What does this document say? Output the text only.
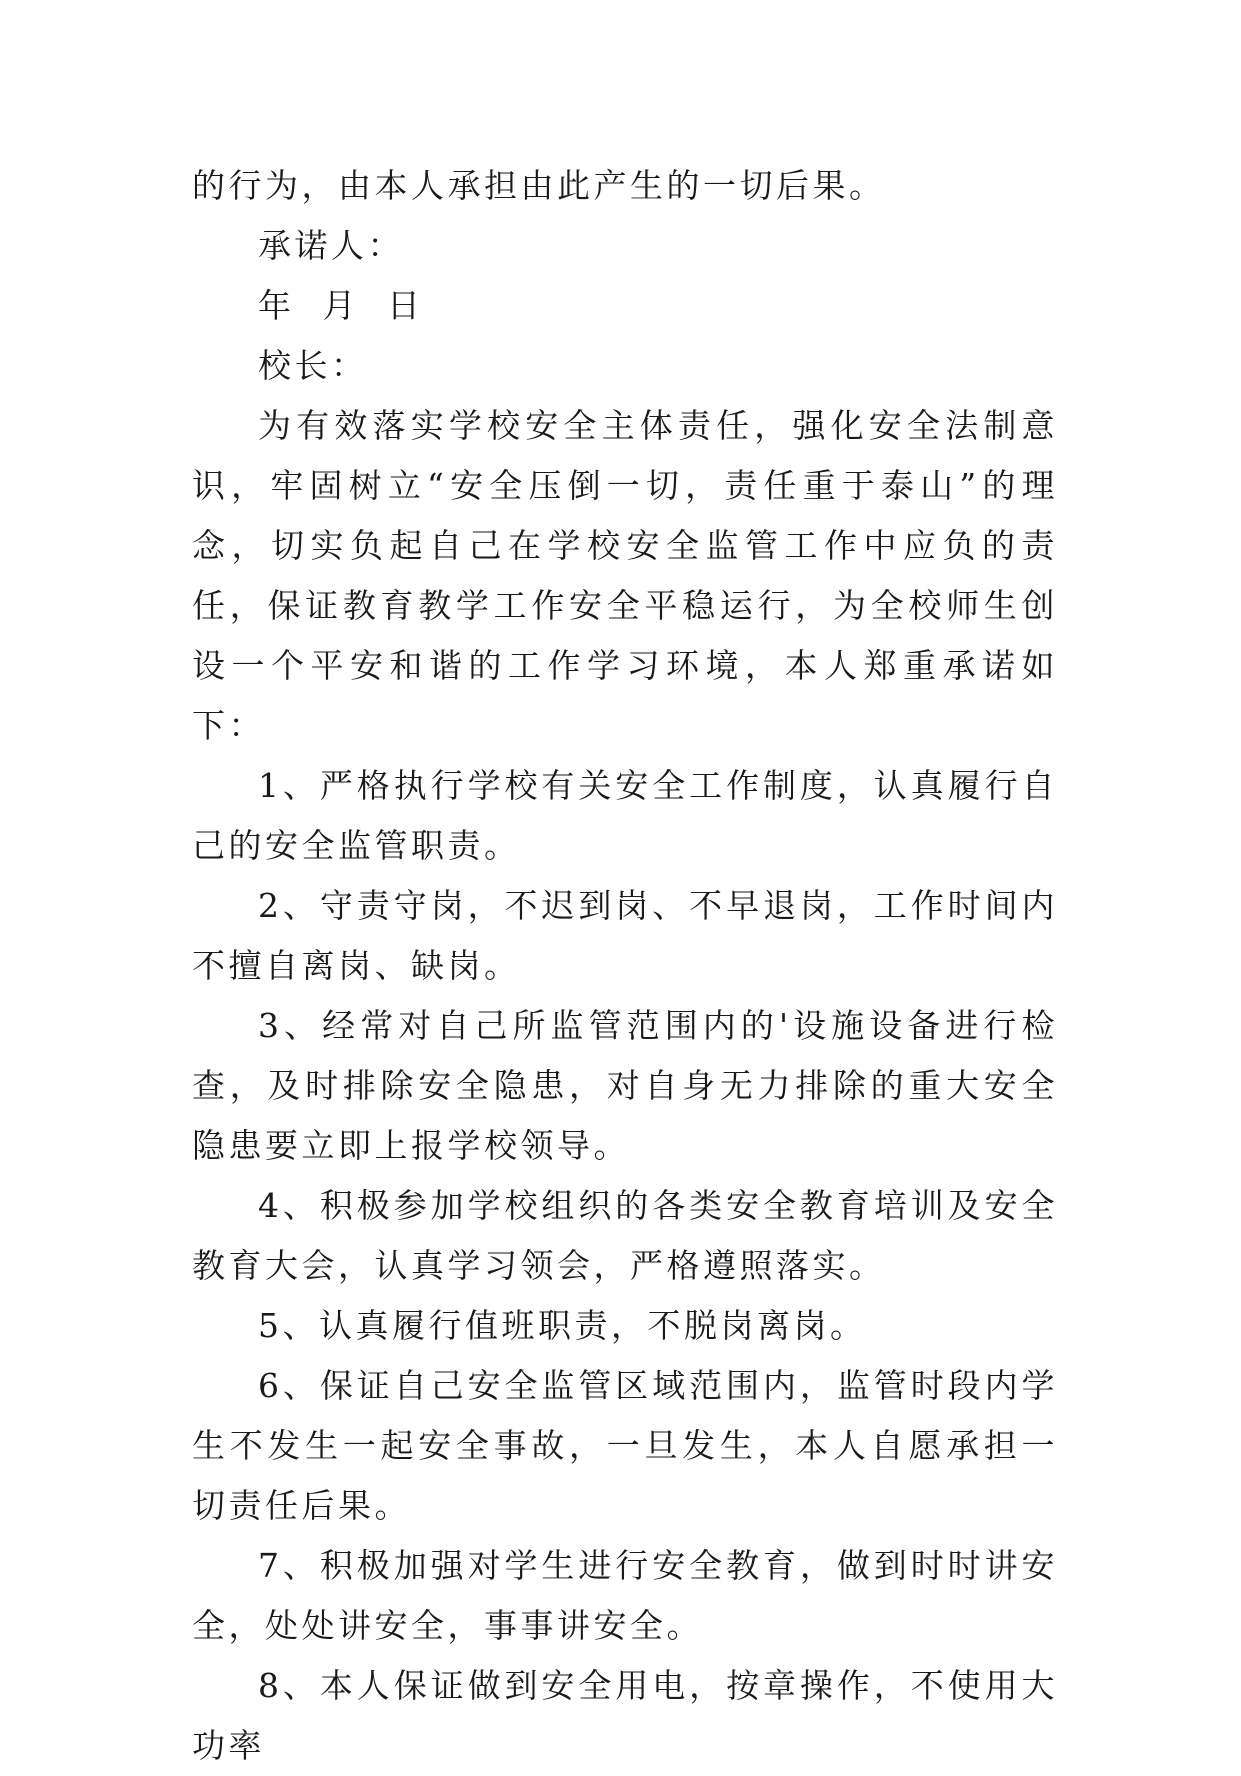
的行为，由本人承担由此产生的一切后果。

承诺人：

年  月  日

校长：

为有效落实学校安全主体责任，强化安全法制意识，牢固树立“安全压倒一切，责任重于泰山”的理念，切实负起自己在学校安全监管工作中应负的责任，保证教育教学工作安全平稳运行，为全校师生创设一个平安和谐的工作学习环境，本人郑重承诺如下：

1、严格执行学校有关安全工作制度，认真履行自己的安全监管职责。

2、守责守岗，不迟到岗、不早退岗，工作时间内不擅自离岗、缺岗。

3、经常对自己所监管范围内的'设施设备进行检查，及时排除安全隐患，对自身无力排除的重大安全隐患要立即上报学校领导。

4、积极参加学校组织的各类安全教育培训及安全教育大会，认真学习领会，严格遵照落实。

5、认真履行值班职责，不脱岗离岗。

6、保证自己安全监管区域范围内，监管时段内学生不发生一起安全事故，一旦发生，本人自愿承担一切责任后果。

7、积极加强对学生进行安全教育，做到时时讲安全，处处讲安全，事事讲安全。

8、本人保证做到安全用电，按章操作，不使用大功率
